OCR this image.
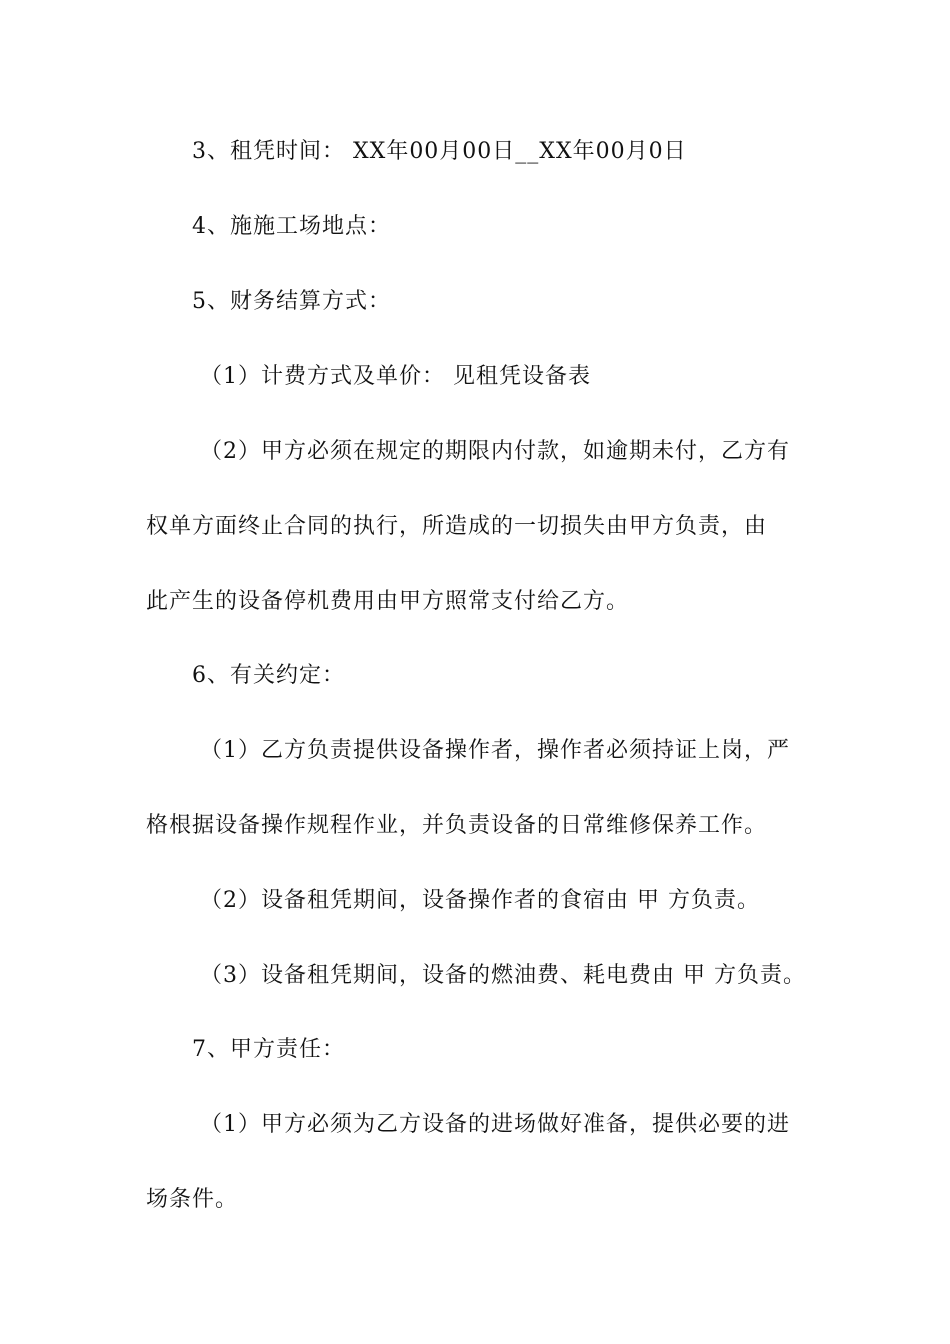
3、租凭时间： XX年00月00日__XX年00月0日
4、施施工场地点：
5、财务结算方式：
（1）计费方式及单价： 见租凭设备表
（2）甲方必须在规定的期限内付款，如逾期未付，乙方有
权单方面终止合同的执行，所造成的一切损失由甲方负责，由
此产生的设备停机费用由甲方照常支付给乙方。
6、有关约定：
（1）乙方负责提供设备操作者，操作者必须持证上岗，严
格根据设备操作规程作业，并负责设备的日常维修保养工作。
（2）设备租凭期间，设备操作者的食宿由 甲 方负责。
（3）设备租凭期间，设备的燃油费、耗电费由 甲 方负责。
7、甲方责任：
（1）甲方必须为乙方设备的进场做好准备，提供必要的进
场条件。
